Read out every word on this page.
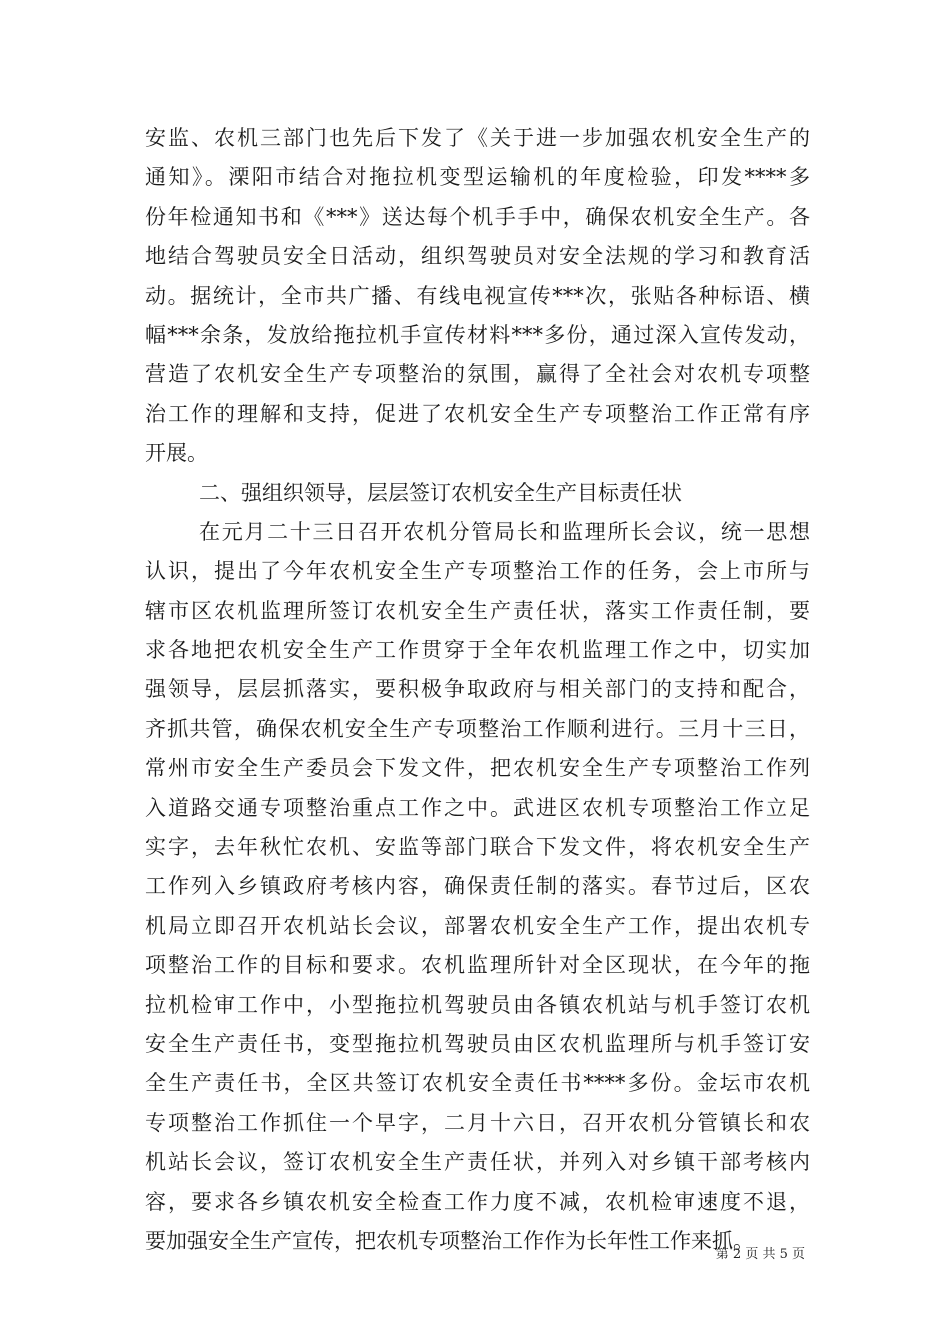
安监、农机三部门也先后下发了《关于进一步加强农机安全生产的
通知》。溧阳市结合对拖拉机变型运输机的年度检验，印发****多
份年检通知书和《***》送达每个机手手中，确保农机安全生产。各
地结合驾驶员安全日活动，组织驾驶员对安全法规的学习和教育活
动。据统计，全市共广播、有线电视宣传***次，张贴各种标语、横
幅***余条，发放给拖拉机手宣传材料***多份，通过深入宣传发动，
营造了农机安全生产专项整治的氛围，赢得了全社会对农机专项整
治工作的理解和支持，促进了农机安全生产专项整治工作正常有序
开展。
二、强组织领导，层层签订农机安全生产目标责任状
在元月二十三日召开农机分管局长和监理所长会议，统一思想
认识，提出了今年农机安全生产专项整治工作的任务，会上市所与
辖市区农机监理所签订农机安全生产责任状，落实工作责任制，要
求各地把农机安全生产工作贯穿于全年农机监理工作之中，切实加
强领导，层层抓落实，要积极争取政府与相关部门的支持和配合，
齐抓共管，确保农机安全生产专项整治工作顺利进行。三月十三日，
常州市安全生产委员会下发文件，把农机安全生产专项整治工作列
入道路交通专项整治重点工作之中。武进区农机专项整治工作立足
实字，去年秋忙农机、安监等部门联合下发文件，将农机安全生产
工作列入乡镇政府考核内容，确保责任制的落实。春节过后，区农
机局立即召开农机站长会议，部署农机安全生产工作，提出农机专
项整治工作的目标和要求。农机监理所针对全区现状，在今年的拖
拉机检审工作中，小型拖拉机驾驶员由各镇农机站与机手签订农机
安全生产责任书，变型拖拉机驾驶员由区农机监理所与机手签订安
全生产责任书，全区共签订农机安全责任书****多份。金坛市农机
专项整治工作抓住一个早字，二月十六日，召开农机分管镇长和农
机站长会议，签订农机安全生产责任状，并列入对乡镇干部考核内
容，要求各乡镇农机安全检查工作力度不减，农机检审速度不退，
要加强安全生产宣传，把农机专项整治工作作为长年性工作来抓。
第 2 页 共 5 页
